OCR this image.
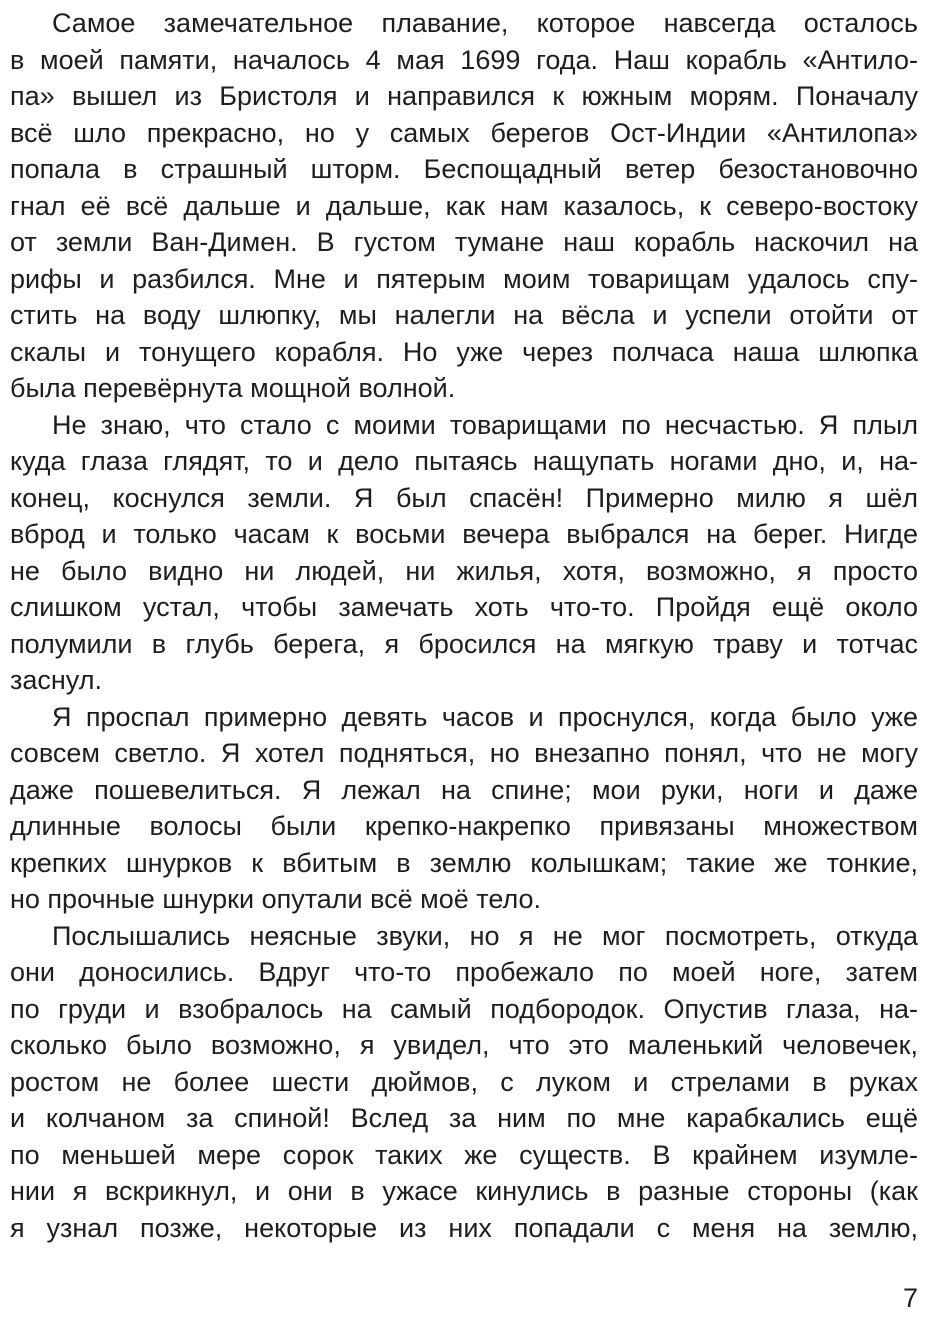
Самое замечательное плавание, которое навсегда осталось
в моей памяти, началось 4 мая 1699 года. Наш корабль «Антило-
па» вышел из Бристоля и направился к южным морям. Поначалу
всё шло прекрасно, но у самых берегов Ост-Индии «Антилопа»
попала в страшный шторм. Беспощадный ветер безостановочно
гнал её всё дальше и дальше, как нам казалось, к северо-востоку
от земли Ван-Димен. В густом тумане наш корабль наскочил на
рифы и разбился. Мне и пятерым моим товарищам удалось спу-
стить на воду шлюпку, мы налегли на вёсла и успели отойти от
скалы и тонущего корабля. Но уже через полчаса наша шлюпка
была перевёрнута мощной волной.
Не знаю, что стало с моими товарищами по несчастью. Я плыл
куда глаза глядят, то и дело пытаясь нащупать ногами дно, и, на-
конец, коснулся земли. Я был спасён! Примерно милю я шёл
вброд и только часам к восьми вечера выбрался на берег. Нигде
не было видно ни людей, ни жилья, хотя, возможно, я просто
слишком устал, чтобы замечать хоть что-то. Пройдя ещё около
полумили в глубь берега, я бросился на мягкую траву и тотчас
заснул.
Я проспал примерно девять часов и проснулся, когда было уже
совсем светло. Я хотел подняться, но внезапно понял, что не могу
даже пошевелиться. Я лежал на спине; мои руки, ноги и даже
длинные волосы были крепко-накрепко привязаны множеством
крепких шнурков к вбитым в землю колышкам; такие же тонкие,
но прочные шнурки опутали всё моё тело.
Послышались неясные звуки, но я не мог посмотреть, откуда
они доносились. Вдруг что-то пробежало по моей ноге, затем
по груди и взобралось на самый подбородок. Опустив глаза, на-
сколько было возможно, я увидел, что это маленький человечек,
ростом не более шести дюймов, с луком и стрелами в руках
и колчаном за спиной! Вслед за ним по мне карабкались ещё
по меньшей мере сорок таких же существ. В крайнем изумле-
нии я вскрикнул, и они в ужасе кинулись в разные стороны (как
я узнал позже, некоторые из них попадали с меня на землю,
7
